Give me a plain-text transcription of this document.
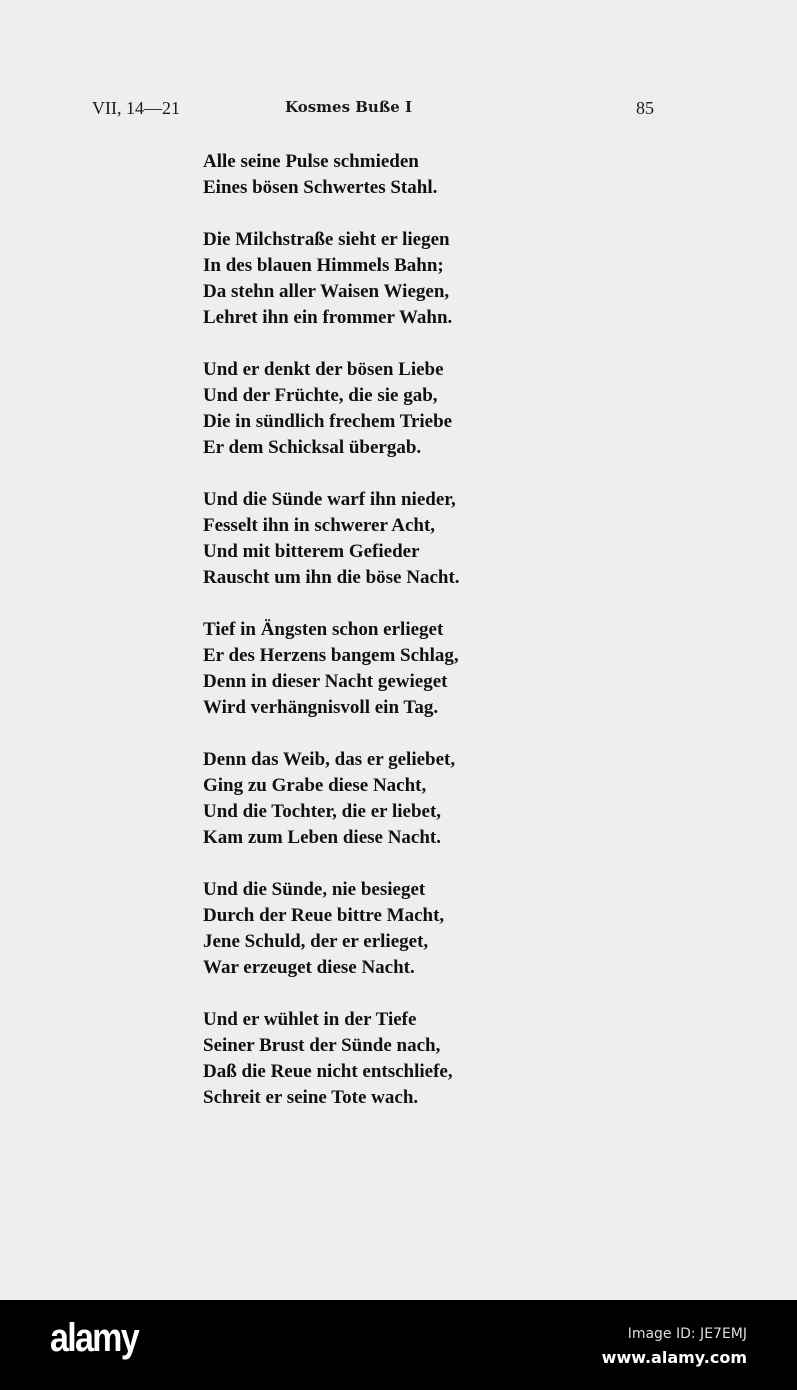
VII, 14—21	Kosmes Buße I	85
Alle seine Pulse schmieden
Eines bösen Schwertes Stahl.
Die Milchstraße sieht er liegen
In des blauen Himmels Bahn;
Da stehn aller Waisen Wiegen,
Lehret ihn ein frommer Wahn.
Und er denkt der bösen Liebe
Und der Früchte, die sie gab,
Die in sündlich frechem Triebe
Er dem Schicksal übergab.
Und die Sünde warf ihn nieder,
Fesselt ihn in schwerer Acht,
Und mit bitterem Gefieder
Rauscht um ihn die böse Nacht.
Tief in Ängsten schon erlieget
Er des Herzens bangem Schlag,
Denn in dieser Nacht gewieget
Wird verhängnisvoll ein Tag.
Denn das Weib, das er geliebet,
Ging zu Grabe diese Nacht,
Und die Tochter, die er liebet,
Kam zum Leben diese Nacht.
Und die Sünde, nie besieget
Durch der Reue bittre Macht,
Jene Schuld, der er erlieget,
War erzeuget diese Nacht.
Und er wühlet in der Tiefe
Seiner Brust der Sünde nach,
Daß die Reue nicht entschliefe,
Schreit er seine Tote wach.
alamy	Image ID: JE7EMJ
www.alamy.com
